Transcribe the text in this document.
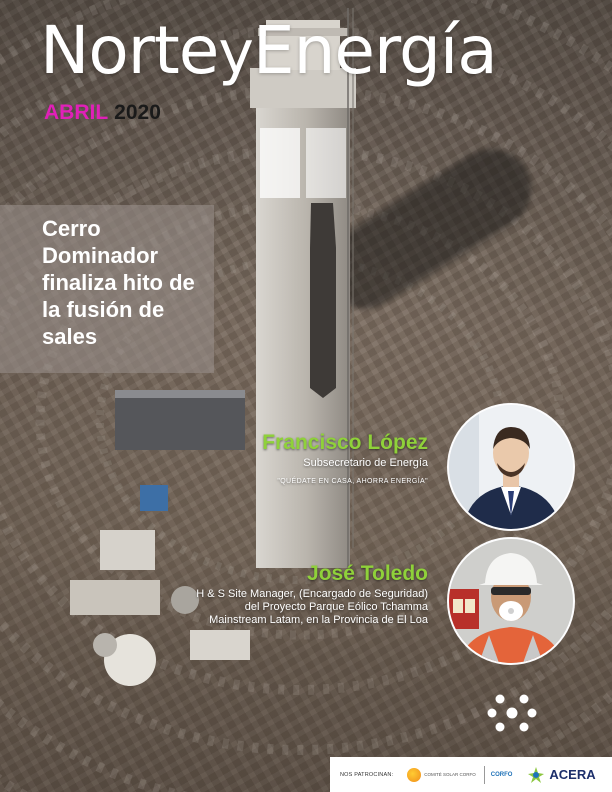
NorteyEnergía
ABRIL 2020
Cerro Dominador finaliza hito de la fusión de sales
Francisco López
Subsecretario de Energía
"QUÉDATE EN CASA, AHORRA ENERGÍA"
José Toledo
H & S Site Manager, (Encargado de Seguridad) del Proyecto Parque Eólico Tchamma Mainstream Latam, en la Provincia de El Loa
NOS PATROCINAN:	COMITÉ SOLAR CORFO	CORFO	ACERA
